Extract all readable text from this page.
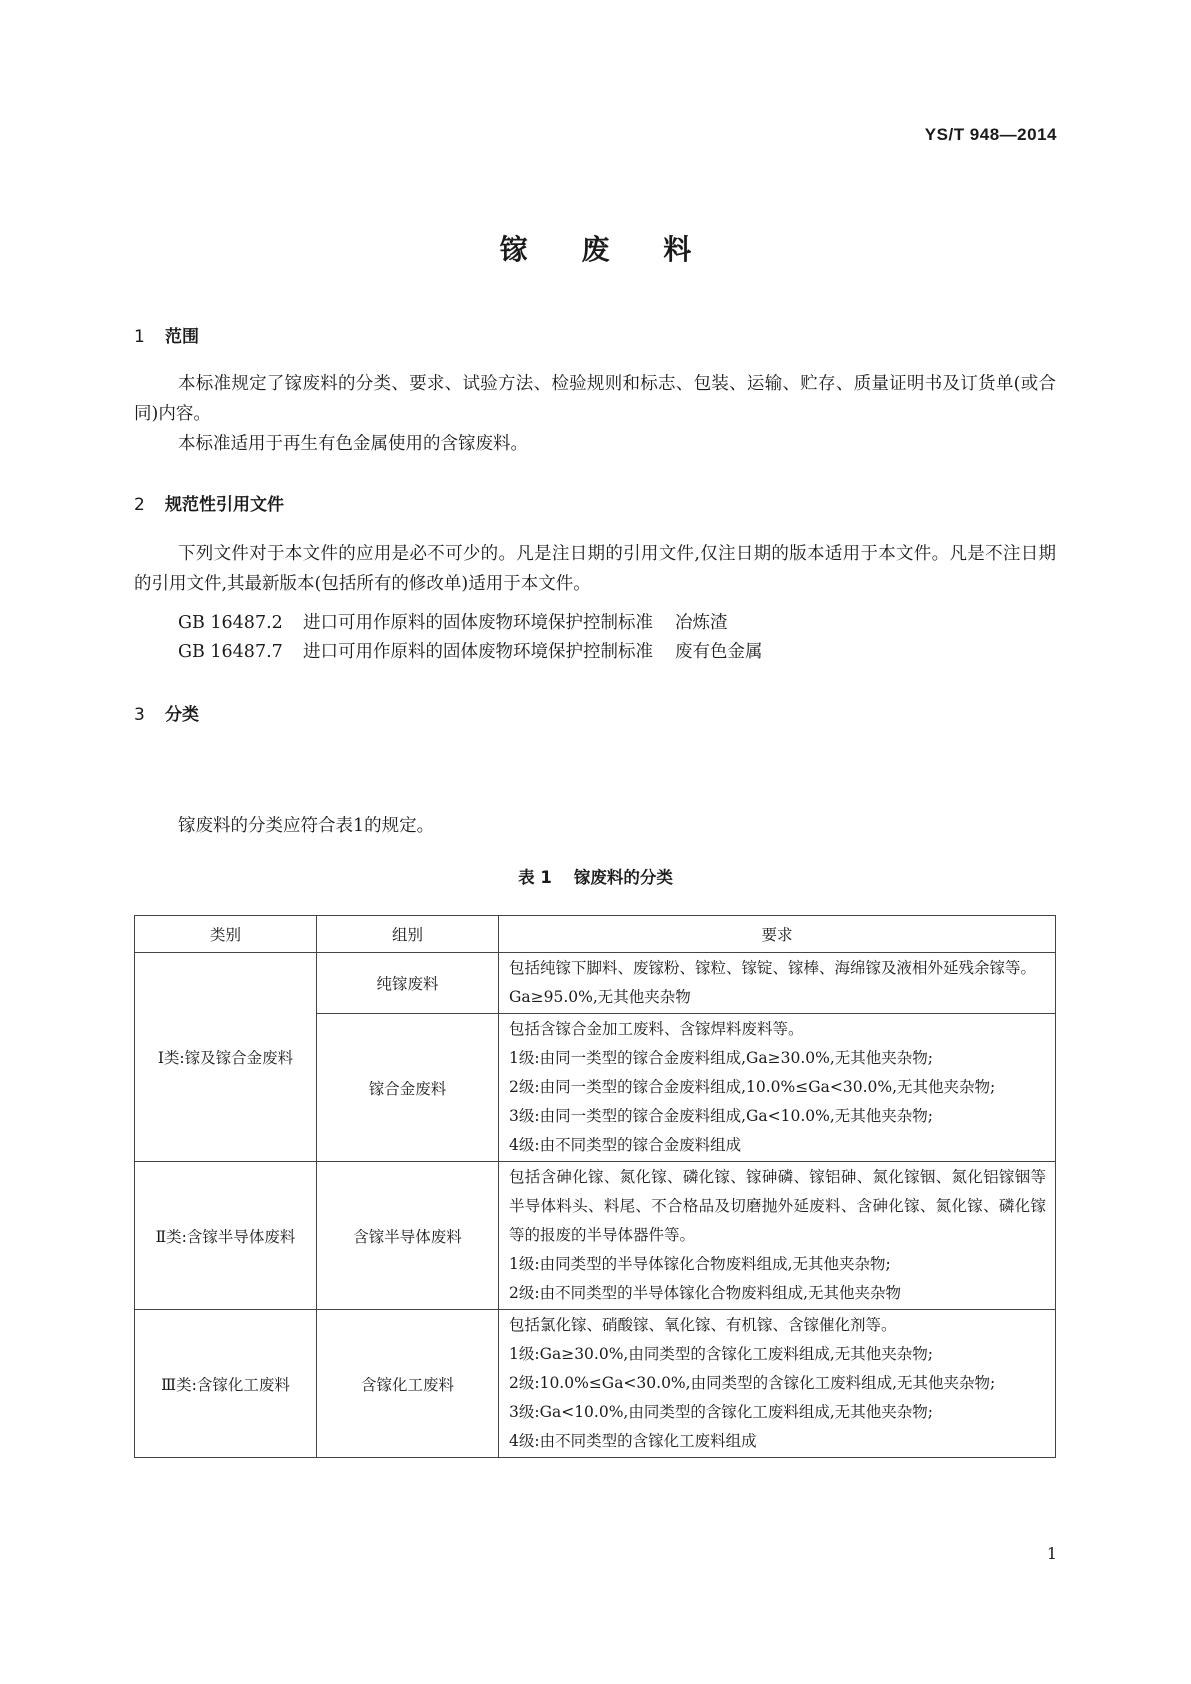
YS/T 948—2014
镓 废 料
1 范围

本标准规定了镓废料的分类、要求、试验方法、检验规则和标志、包装、运输、贮存、质量证明书及订货单(或合同)内容。

本标准适用于再生有色金属使用的含镓废料。

2 规范性引用文件

下列文件对于本文件的应用是必不可少的。凡是注日期的引用文件,仅注日期的版本适用于本文件。凡是不注日期的引用文件,其最新版本(包括所有的修改单)适用于本文件。

GB 16487.2 进口可用作原料的固体废物环境保护控制标准 冶炼渣
GB 16487.7 进口可用作原料的固体废物环境保护控制标准 废有色金属
3 分类

镓废料的分类应符合表1的规定。

表 1 镓废料的分类
类别	组别	要求
Ⅰ类:镓及镓合金废料	纯镓废料	包括纯镓下脚料、废镓粉、镓粒、镓锭、镓棒、海绵镓及液相外延残余镓等。
Ga≥95.0%,无其他夹杂物

	镓合金废料	包括含镓合金加工废料、含镓焊料废料等。
1级:由同一类型的镓合金废料组成,Ga≥30.0%,无其他夹杂物;
2级:由同一类型的镓合金废料组成,10.0%≤Ga<30.0%,无其他夹杂物;
3级:由同一类型的镓合金废料组成,Ga<10.0%,无其他夹杂物;
4级:由不同类型的镓合金废料组成

Ⅱ类:含镓半导体废料	含镓半导体废料	包括含砷化镓、氮化镓、磷化镓、镓砷磷、镓铝砷、氮化镓铟、氮化铝镓铟等半导体料头、料尾、不合格品及切磨抛外延废料、含砷化镓、氮化镓、磷化镓等的报废的半导体器件等。
1级:由同类型的半导体镓化合物废料组成,无其他夹杂物;
2级:由不同类型的半导体镓化合物废料组成,无其他夹杂物

Ⅲ类:含镓化工废料	含镓化工废料	包括氯化镓、硝酸镓、氧化镓、有机镓、含镓催化剂等。
1级:Ga≥30.0%,由同类型的含镓化工废料组成,无其他夹杂物;
2级:10.0%≤Ga<30.0%,由同类型的含镓化工废料组成,无其他夹杂物;
3级:Ga<10.0%,由同类型的含镓化工废料组成,无其他夹杂物;
4级:由不同类型的含镓化工废料组成
1
